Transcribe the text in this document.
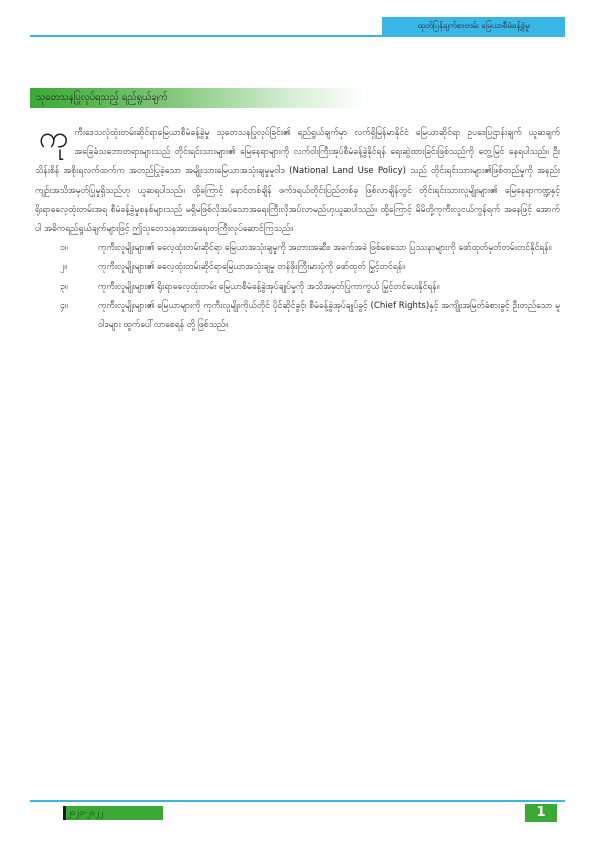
ထုတ်ပြန်ချက်စာတမ်း မြေယာစီမံခန့်ခွဲမှု
သုတေသနပြုလုပ်ရသည့် ရည်ရွယ်ချက်

ကု ကီးဒေသလုံထုံးတမ်းဆိုင်ရာမြေယာစီမံခန့်ခွဲမှု သုတေသနပြုလုပ်ခြင်း၏ ရည်ရွယ်ချက်မှာ လက်ရှိမြန်မာနိုင်ငံ မြေယာဆိုင်ရာ ဥပဒေပြဌာန်းချက် ယူဆချက် အခြေခံသဘောတရားများသည် တိုင်းရင်းသားများ၏ မြေနေရာများကို လက်ဝါးကြီးအုပ်စီမံခန့်ခွဲနိုင်ရန် ရေးဆွဲထားခြင်းဖြစ်သည်ကို တွေ့မြင် နေရပါသည်။ ဦးသိန်းစိန် အစိုးရလက်ထက်က အတည်ပြုခဲ့သော အမျိုးသားမြေယာအသုံးချမှုမူဝါဒ (National Land Use Policy) သည် တိုင်းရင်းသားများ၏ဖြစ်တည်မှုကို အနည်းကျဉ်းအသိအမှတ်ပြုမှုရှိသည်ဟု ယူဆရပါသည်။ ထို့ကြောင့် နောင်တစ်ချိန် ဖက်ဒရယ်တိုင်းပြည်တစ်ခု ဖြစ်လာချိန်တွင် တိုင်းရင်းသားလူမျိုးများ၏ မြေနေရာကဏ္ဍနှင့် ရိုးရာဓလေ့ထုံးတမ်းအရ စီမံခန့်ခွဲမှုစနစ်များသည် မရှိမဖြစ်လိုအပ်သောအရေးကြီးလိုအပ်လာမည်ဟုယူဆပါသည်။ ထို့ကြောင့် မိမိတို့ကုကီးလူငယ်ကွန်ရက် အနေဖြင့် အောက်ပါ အဓိကရည်ရွယ်ချက်များဖြင့် ဤသုတေသနအားအရေးတကြီးလုပ်ဆောင်ကြသည်။

၁။	ကုကီးလူမျိုးများ၏ ဓလေ့ထုံးတမ်းဆိုင်ရာ မြေယာအသုံးချမှုကို အတားအဆီး၊ အခက်အခဲ ဖြစ်စေသော ပြဿနာများကို ဖော်ထုတ်မှတ်တမ်းတင်နိုင်ရန်။
၂။	ကုကီးလူမျိုးများ၏ ဓလေ့ထုံးတမ်းဆိုင်ရာမြေယာအသုံးချမှု တန်ဖိုးကြီးမားပုံကို ဖော်ထုတ် မြှင့်တင်ရန်။
၃။	ကုကီးလူမျိုးများ၏ ရိုးရာဓလေ့ထုံးတမ်း မြေယာစီမံခန့်ခွဲအုပ်ချုပ်မှုကို အသိအမှတ်ပြုကာကွယ် မြှင့်တင်ပေးနိုင်ရန်။
၄။	ကုကီးလူမျိုးများ၏ မြေယာများကို ကုကီးလူမျိုးကိုယ်တိုင် ပိုင်ဆိုင်ခွင့်၊ စီမံခန့်ခွဲအုပ်ချုပ်ခွင့် (Chief Rights)နှင့် အကျိုးအမြတ်ခံစားခွင့် ဦးတည်သော မူဝါဒများ ထွက်ပေါ်လာစေရန် တို့ဖြစ်သည်။
၂၀၂၁-၂၀၂၂	1
